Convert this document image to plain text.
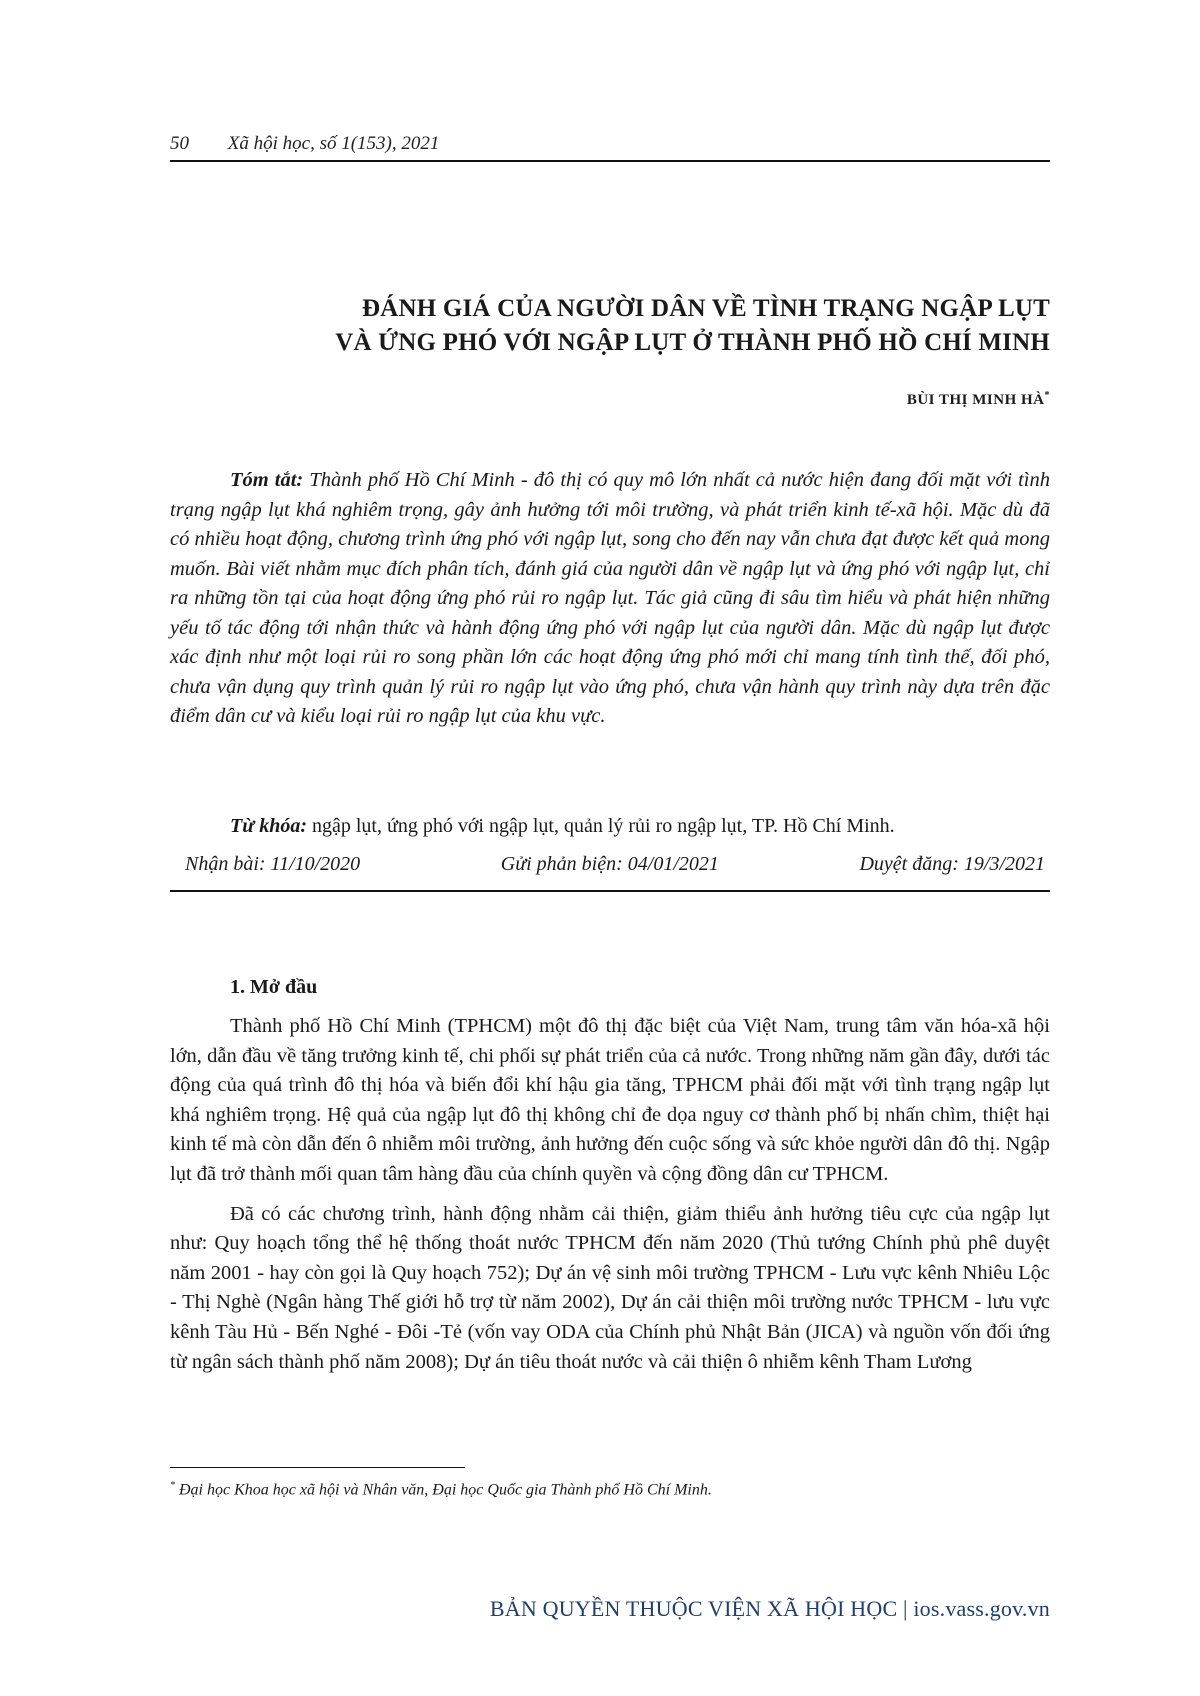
50 Xã hội học, số 1(153), 2021
ĐÁNH GIÁ CỦA NGƯỜI DÂN VỀ TÌNH TRẠNG NGẬP LỤT
VÀ ỨNG PHÓ VỚI NGẬP LỤT Ở THÀNH PHỐ HỒ CHÍ MINH
BÙI THỊ MINH HÀ*
Tóm tắt: Thành phố Hồ Chí Minh - đô thị có quy mô lớn nhất cả nước hiện đang đối mặt với tình trạng ngập lụt khá nghiêm trọng, gây ảnh hưởng tới môi trường, và phát triển kinh tế-xã hội. Mặc dù đã có nhiều hoạt động, chương trình ứng phó với ngập lụt, song cho đến nay vẫn chưa đạt được kết quả mong muốn. Bài viết nhằm mục đích phân tích, đánh giá của người dân về ngập lụt và ứng phó với ngập lụt, chỉ ra những tồn tại của hoạt động ứng phó rủi ro ngập lụt. Tác giả cũng đi sâu tìm hiểu và phát hiện những yếu tố tác động tới nhận thức và hành động ứng phó với ngập lụt của người dân. Mặc dù ngập lụt được xác định như một loại rủi ro song phần lớn các hoạt động ứng phó mới chỉ mang tính tình thế, đối phó, chưa vận dụng quy trình quản lý rủi ro ngập lụt vào ứng phó, chưa vận hành quy trình này dựa trên đặc điểm dân cư và kiểu loại rủi ro ngập lụt của khu vực.
Từ khóa: ngập lụt, ứng phó với ngập lụt, quản lý rủi ro ngập lụt, TP. Hồ Chí Minh.
Nhận bài: 11/10/2020	Gửi phản biện: 04/01/2021	Duyệt đăng: 19/3/2021
1. Mở đầu

Thành phố Hồ Chí Minh (TPHCM) một đô thị đặc biệt của Việt Nam, trung tâm văn hóa-xã hội lớn, dẫn đầu về tăng trưởng kinh tế, chi phối sự phát triển của cả nước. Trong những năm gần đây, dưới tác động của quá trình đô thị hóa và biến đổi khí hậu gia tăng, TPHCM phải đối mặt với tình trạng ngập lụt khá nghiêm trọng. Hệ quả của ngập lụt đô thị không chỉ đe dọa nguy cơ thành phố bị nhấn chìm, thiệt hại kinh tế mà còn dẫn đến ô nhiễm môi trường, ảnh hưởng đến cuộc sống và sức khỏe người dân đô thị. Ngập lụt đã trở thành mối quan tâm hàng đầu của chính quyền và cộng đồng dân cư TPHCM.

Đã có các chương trình, hành động nhằm cải thiện, giảm thiểu ảnh hưởng tiêu cực của ngập lụt như: Quy hoạch tổng thể hệ thống thoát nước TPHCM đến năm 2020 (Thủ tướng Chính phủ phê duyệt năm 2001 - hay còn gọi là Quy hoạch 752); Dự án vệ sinh môi trường TPHCM - Lưu vực kênh Nhiêu Lộc - Thị Nghè (Ngân hàng Thế giới hỗ trợ từ năm 2002), Dự án cải thiện môi trường nước TPHCM - lưu vực kênh Tàu Hủ - Bến Nghé - Đôi -Tẻ (vốn vay ODA của Chính phủ Nhật Bản (JICA) và nguồn vốn đối ứng từ ngân sách thành phố năm 2008); Dự án tiêu thoát nước và cải thiện ô nhiễm kênh Tham Lương

* Đại học Khoa học xã hội và Nhân văn, Đại học Quốc gia Thành phố Hồ Chí Minh.
BẢN QUYỀN THUỘC VIỆN XÃ HỘI HỌC | ios.vass.gov.vn
